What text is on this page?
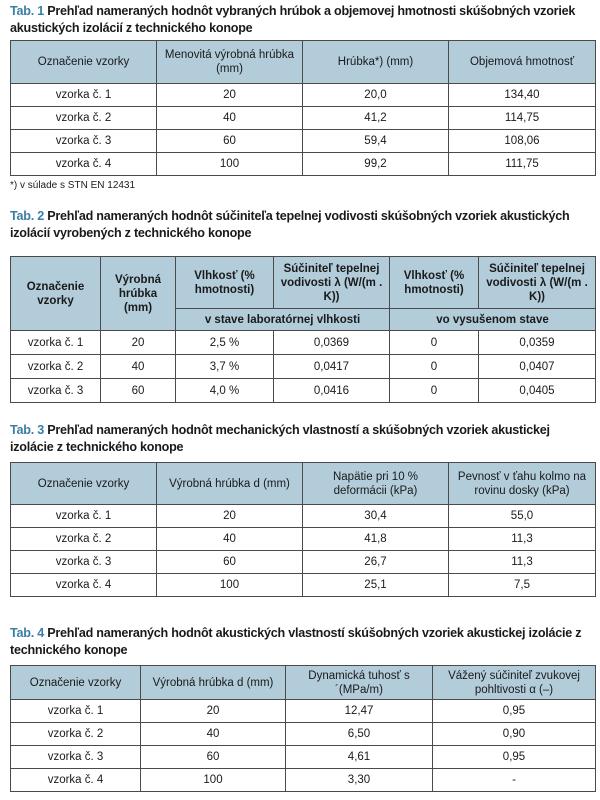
Tab. 1 Prehľad nameraných hodnôt vybraných hrúbok a objemovej hmotnosti skúšobných vzoriek akustických izolácií z technického konope
Označenie vzorky	Menovitá výrobná hrúbka (mm)	Hrúbka*) (mm)	Objemová hmotnosť
vzorka č. 1	20	20,0	134,40
vzorka č. 2	40	41,2	114,75
vzorka č. 3	60	59,4	108,06
vzorka č. 4	100	99,2	111,75
*) v súlade s STN EN 12431
Tab. 2 Prehľad nameraných hodnôt súčiniteľa tepelnej vodivosti skúšobných vzoriek akustických izolácií vyrobených z technického konope
Označenie vzorky	Výrobná hrúbka (mm)	Vlhkosť (% hmotnosti)	Súčiniteľ tepelnej vodivosti λ (W/(m . K))	Vlhkosť (% hmotnosti)	Súčiniteľ tepelnej vodivosti λ (W/(m . K))
		v stave laboratórnej vlhkosti		vo vysušenom stave	
vzorka č. 1	20	2,5 %	0,0369	0	0,0359
vzorka č. 2	40	3,7 %	0,0417	0	0,0407
vzorka č. 3	60	4,0 %	0,0416	0	0,0405
Tab. 3 Prehľad nameraných hodnôt mechanických vlastností a skúšobných vzoriek akustickej izolácie z technického konope
Označenie vzorky	Výrobná hrúbka d (mm)	Napätie pri 10 % deformácii (kPa)	Pevnosť v ťahu kolmo na rovinu dosky (kPa)
vzorka č. 1	20	30,4	55,0
vzorka č. 2	40	41,8	11,3
vzorka č. 3	60	26,7	11,3
vzorka č. 4	100	25,1	7,5
Tab. 4 Prehľad nameraných hodnôt akustických vlastností skúšobných vzoriek akustickej izolácie z technického konope
Označenie vzorky	Výrobná hrúbka d (mm)	Dynamická tuhosť s´(MPa/m)	Vážený súčiniteľ zvukovej pohltivosti α (–)
vzorka č. 1	20	12,47	0,95
vzorka č. 2	40	6,50	0,90
vzorka č. 3	60	4,61	0,95
vzorka č. 4	100	3,30	-
